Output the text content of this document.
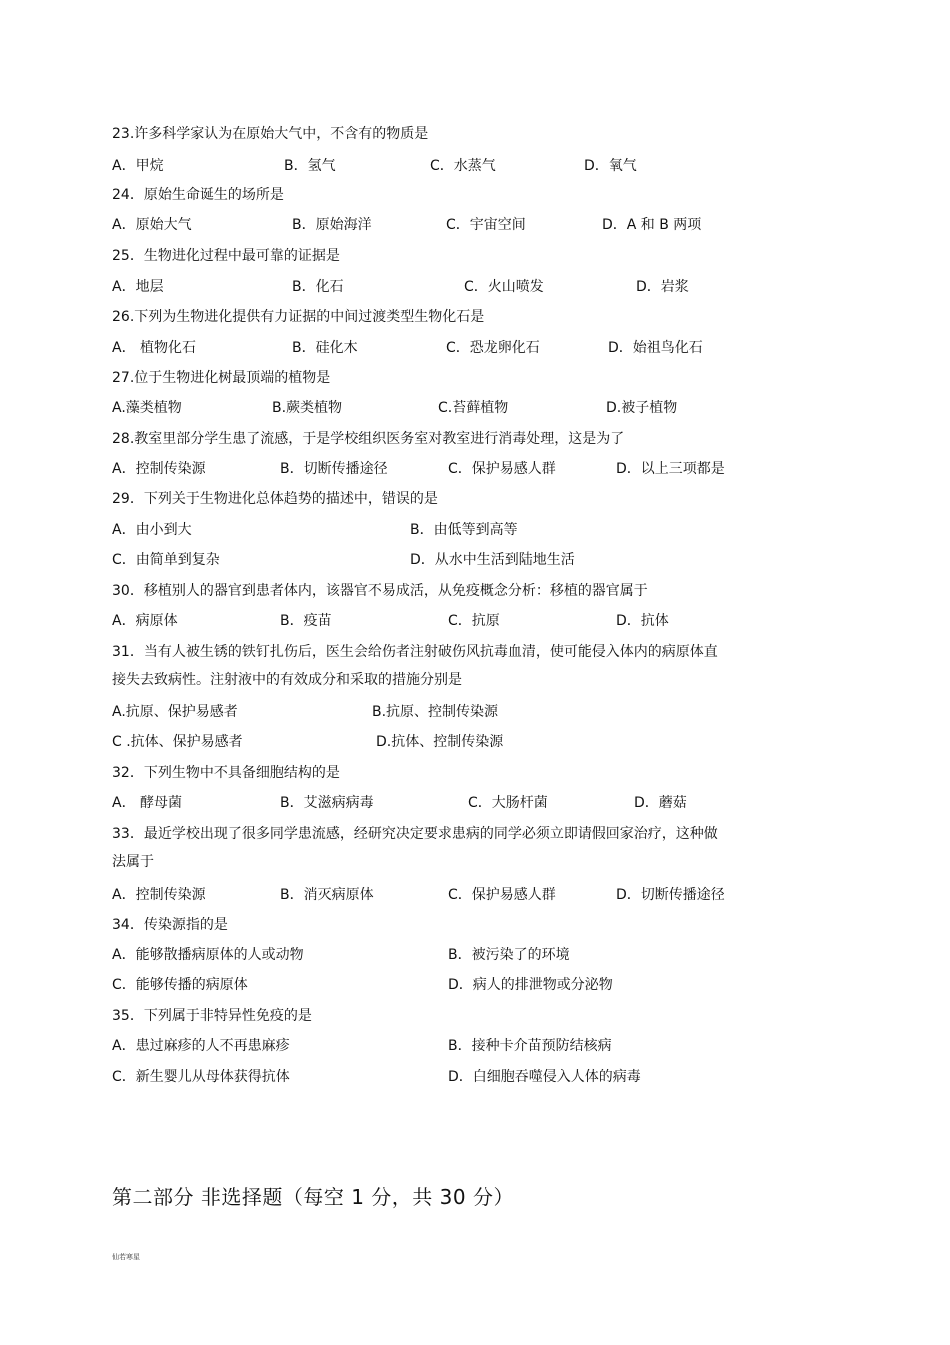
23.许多科学家认为在原始大气中，不含有的物质是
A．甲烷	B．氢气	C．水蒸气	D．氧气
24．原始生命诞生的场所是
A．原始大气	B．原始海洋	C．宇宙空间	D．A 和 B 两项
25．生物进化过程中最可靠的证据是
A．地层	B．化石	C．火山喷发	D．岩浆
26.下列为生物进化提供有力证据的中间过渡类型生物化石是
A． 植物化石	B．硅化木	C．恐龙卵化石	D．始祖鸟化石
27.位于生物进化树最顶端的植物是
A.藻类植物	B.蕨类植物	C.苔藓植物	D.被子植物
28.教室里部分学生患了流感，于是学校组织医务室对教室进行消毒处理，这是为了
A．控制传染源	B．切断传播途径	C．保护易感人群	D．以上三项都是
29．下列关于生物进化总体趋势的描述中，错误的是
A．由小到大	B．由低等到高等
C．由简单到复杂	D．从水中生活到陆地生活
30．移植别人的器官到患者体内，该器官不易成活，从免疫概念分析：移植的器官属于
A．病原体	B．疫苗	C．抗原	D．抗体
31．当有人被生锈的铁钉扎伤后，医生会给伤者注射破伤风抗毒血清，使可能侵入体内的病原体直
接失去致病性。注射液中的有效成分和采取的措施分别是
A.抗原、保护易感者	B.抗原、控制传染源
C .抗体、保护易感者	D.抗体、控制传染源
32．下列生物中不具备细胞结构的是
A． 酵母菌	B．艾滋病病毒	C．大肠杆菌	D．蘑菇
33．最近学校出现了很多同学患流感，经研究决定要求患病的同学必须立即请假回家治疗，这种做
法属于
A．控制传染源	B．消灭病原体	C．保护易感人群	D．切断传播途径
34．传染源指的是
A．能够散播病原体的人或动物	B．被污染了的环境
C．能够传播的病原体	D．病人的排泄物或分泌物
35．下列属于非特异性免疫的是
A．患过麻疹的人不再患麻疹	B．接种卡介苗预防结核病
C．新生婴儿从母体获得抗体	D．白细胞吞噬侵入人体的病毒
第二部分 非选择题（每空 1 分，共 30 分）
仙若寒星
